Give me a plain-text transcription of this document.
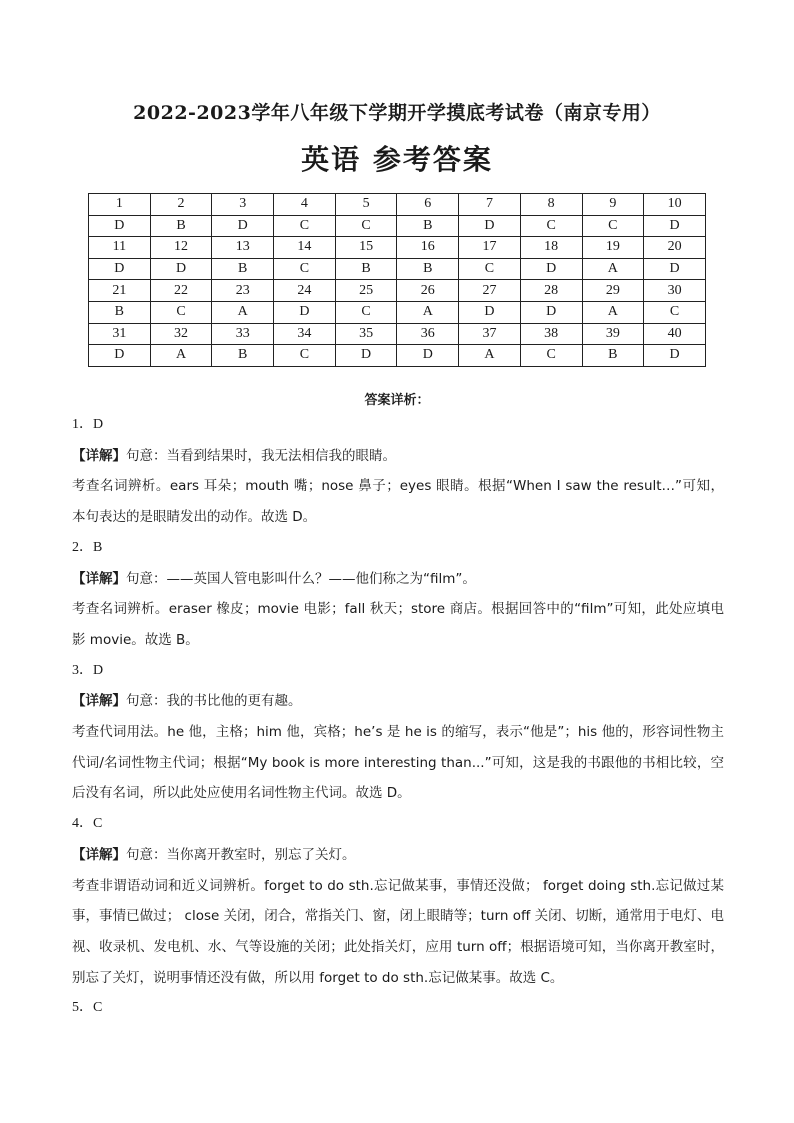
2022-2023学年八年级下学期开学摸底考试卷（南京专用）
英语 参考答案
1	2	3	4	5	6	7	8	9	10
D	B	D	C	C	B	D	C	C	D
11	12	13	14	15	16	17	18	19	20
D	D	B	C	B	B	C	D	A	D
21	22	23	24	25	26	27	28	29	30
B	C	A	D	C	A	D	D	A	C
31	32	33	34	35	36	37	38	39	40
D	A	B	C	D	D	A	C	B	D
答案详析：

1．D

【详解】句意：当看到结果时，我无法相信我的眼睛。

考查名词辨析。ears 耳朵；mouth 嘴；nose 鼻子；eyes 眼睛。根据“When I saw the result…”可知，本句表达的是眼睛发出的动作。故选 D。

2．B

【详解】句意：——英国人管电影叫什么？——他们称之为“film”。

考查名词辨析。eraser 橡皮；movie 电影；fall 秋天；store 商店。根据回答中的“film”可知，此处应填电影 movie。故选 B。

3．D

【详解】句意：我的书比他的更有趣。

考查代词用法。he 他，主格；him 他，宾格；he’s 是 he is 的缩写，表示“他是”；his 他的，形容词性物主代词/名词性物主代词；根据“My book is more interesting than...”可知，这是我的书跟他的书相比较，空后没有名词，所以此处应使用名词性物主代词。故选 D。

4．C

【详解】句意：当你离开教室时，别忘了关灯。

考查非谓语动词和近义词辨析。forget to do sth.忘记做某事，事情还没做； forget doing sth.忘记做过某事，事情已做过； close 关闭，闭合，常指关门、窗，闭上眼睛等；turn off 关闭、切断，通常用于电灯、电视、收录机、发电机、水、气等设施的关闭；此处指关灯，应用 turn off；根据语境可知，当你离开教室时，别忘了关灯，说明事情还没有做，所以用 forget to do sth.忘记做某事。故选 C。

5．C
